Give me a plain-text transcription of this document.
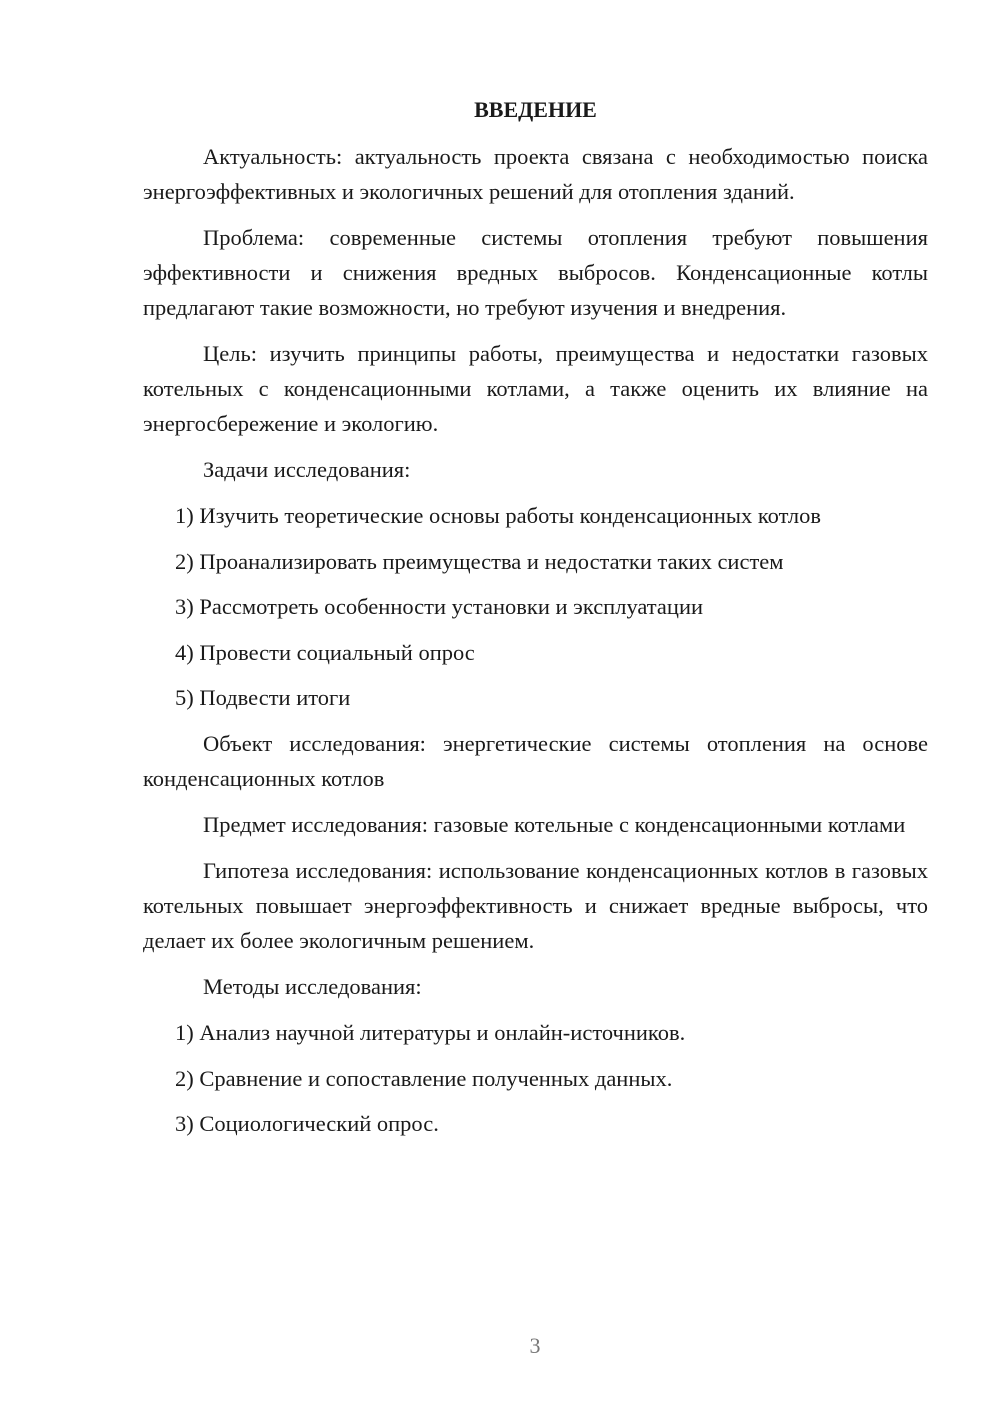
ВВЕДЕНИЕ
Актуальность: актуальность проекта связана с необходимостью поиска энергоэффективных и экологичных решений для отопления зданий.
Проблема: современные системы отопления требуют повышения эффективности и снижения вредных выбросов. Конденсационные котлы предлагают такие возможности, но требуют изучения и внедрения.
Цель: изучить принципы работы, преимущества и недостатки газовых котельных с конденсационными котлами, а также оценить их влияние на энергосбережение и экологию.
Задачи исследования:
1) Изучить теоретические основы работы конденсационных котлов
2) Проанализировать преимущества и недостатки таких систем
3) Рассмотреть особенности установки и эксплуатации
4) Провести социальный опрос
5) Подвести итоги
Объект исследования: энергетические системы отопления на основе конденсационных котлов
Предмет исследования: газовые котельные с конденсационными котлами
Гипотеза исследования: использование конденсационных котлов в газовых котельных повышает энергоэффективность и снижает вредные выбросы, что делает их более экологичным решением.
Методы исследования:
1) Анализ научной литературы и онлайн-источников.
2) Сравнение и сопоставление полученных данных.
3) Социологический опрос.
3
